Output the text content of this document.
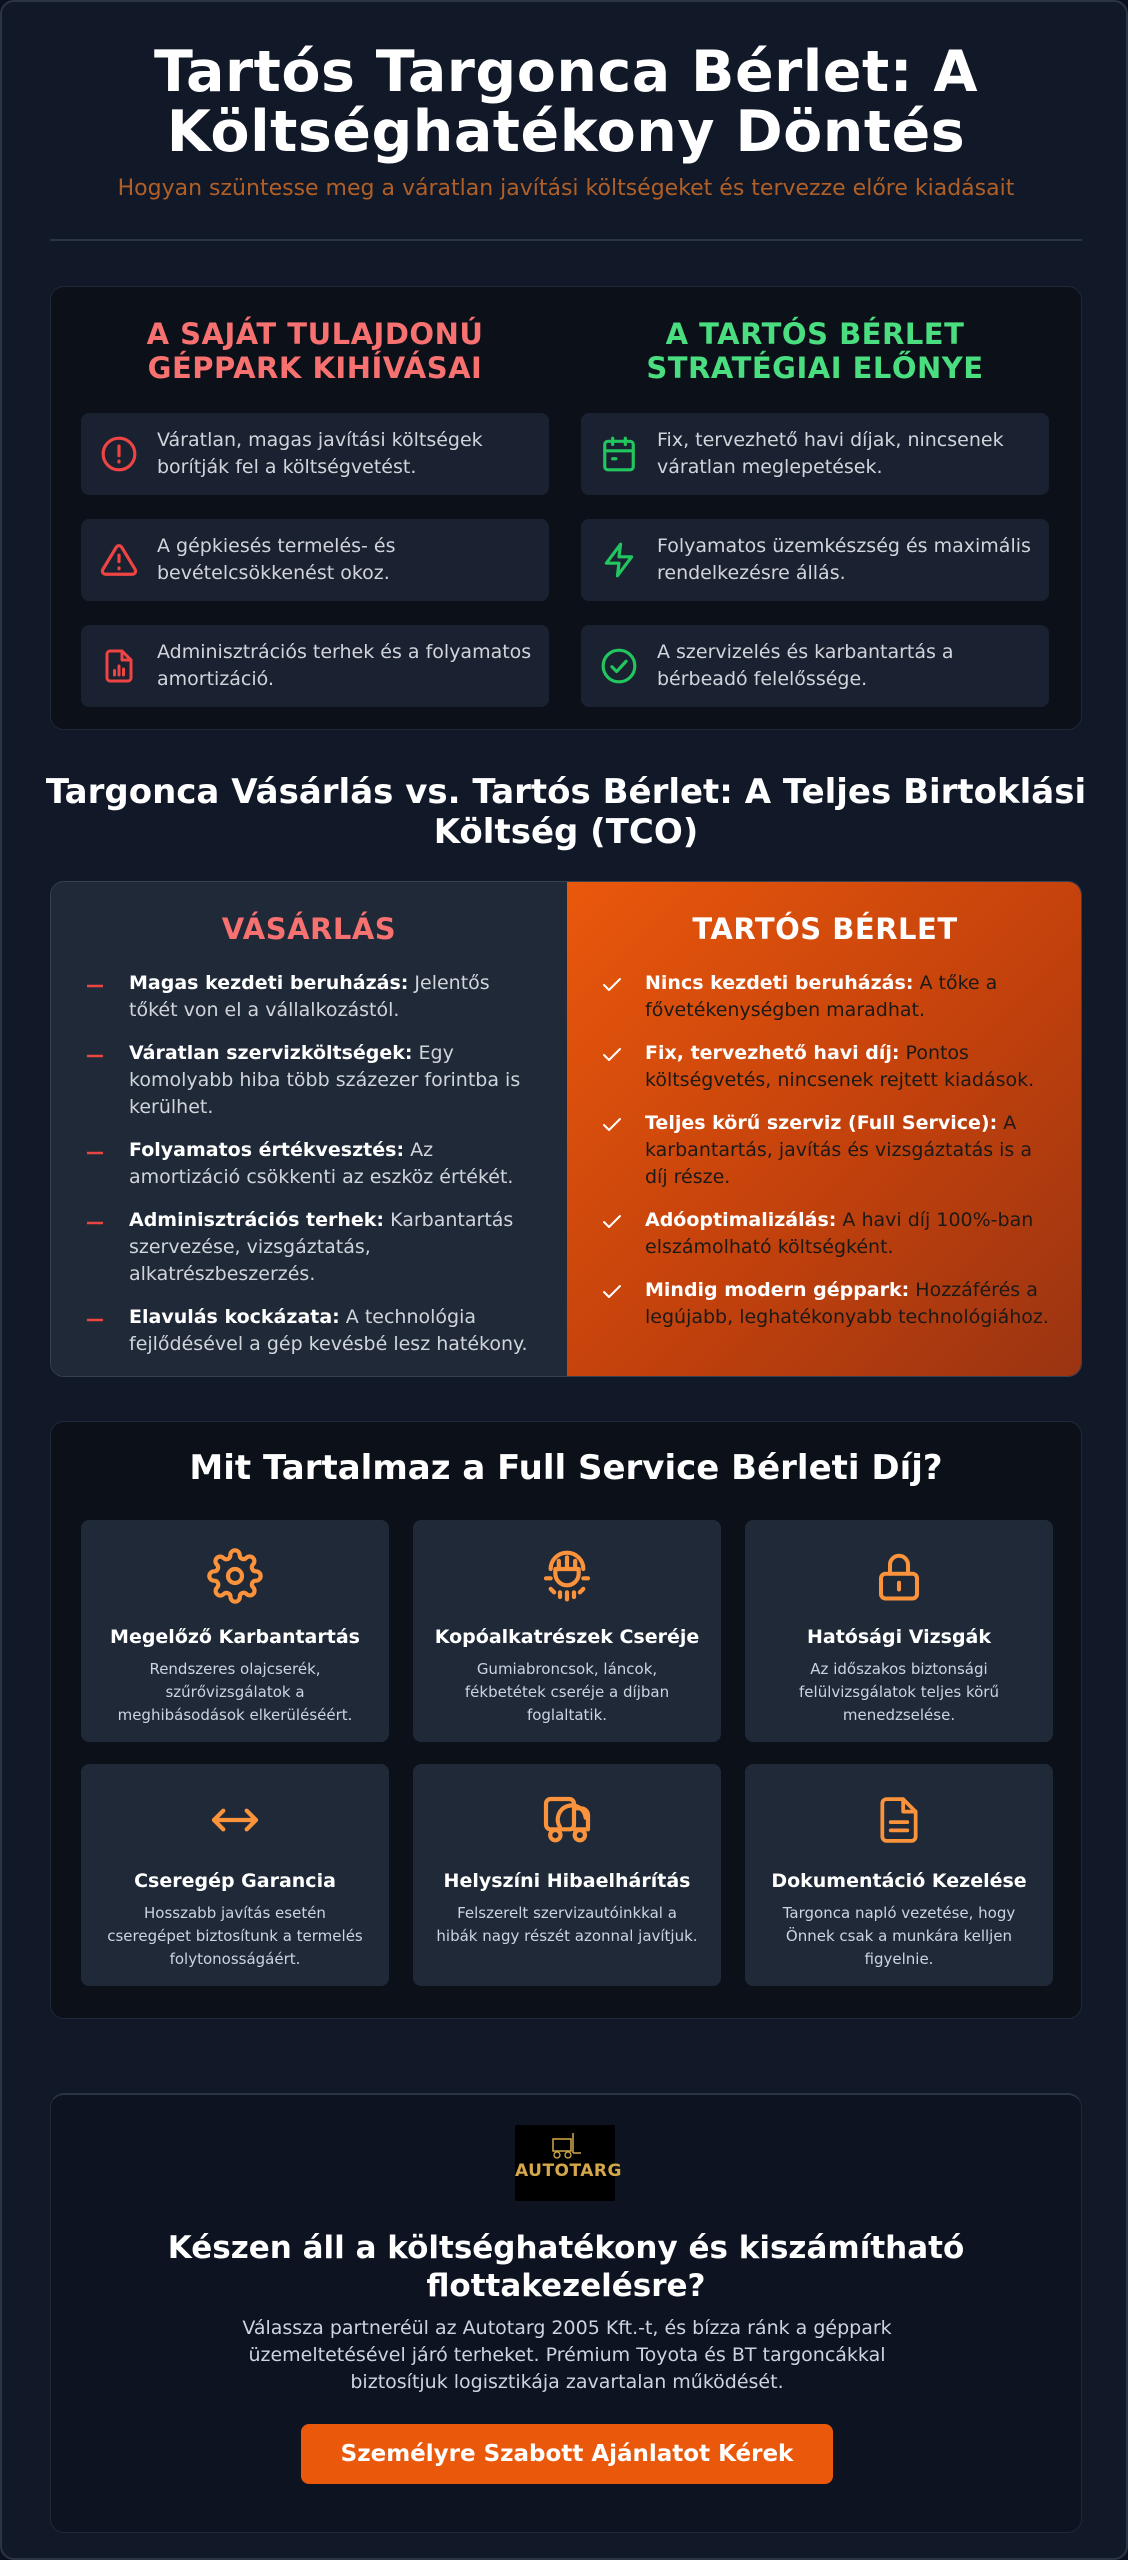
Tartós Targonca Bérlet: A Költséghatékony Döntés
Hogyan szüntesse meg a váratlan javítási költségeket és tervezze előre kiadásait
A SAJÁT TULAJDONÚ GÉPPARK KIHÍVÁSAI
Váratlan, magas javítási költségek borítják fel a költségvetést.
A gépkiesés termelés- és bevételcsökkenést okoz.
Adminisztrációs terhek és a folyamatos amortizáció.
A TARTÓS BÉRLET STRATÉGIAI ELŐNYE
Fix, tervezhető havi díjak, nincsenek váratlan meglepetések.
Folyamatos üzemkészség és maximális rendelkezésre állás.
A szervizelés és karbantartás a bérbeadó felelőssége.
Targonca Vásárlás vs. Tartós Bérlet: A Teljes Birtoklási Költség (TCO)
VÁSÁRLÁS
Magas kezdeti beruházás: Jelentős tőkét von el a vállalkozástól.
Váratlan szervizköltségek: Egy komolyabb hiba több százezer forintba is kerülhet.
Folyamatos értékvesztés: Az amortizáció csökkenti az eszköz értékét.
Adminisztrációs terhek: Karbantartás szervezése, vizsgáztatás, alkatrészbeszerzés.
Elavulás kockázata: A technológia fejlődésével a gép kevésbé lesz hatékony.
TARTÓS BÉRLET
Nincs kezdeti beruházás: A tőke a fővetékenységben maradhat.
Fix, tervezhető havi díj: Pontos költségvetés, nincsenek rejtett kiadások.
Teljes körű szerviz (Full Service): A karbantartás, javítás és vizsgáztatás is a díj része.
Adóoptimalizálás: A havi díj 100%-ban elszámolható költségként.
Mindig modern géppark: Hozzáférés a legújabb, leghatékonyabb technológiához.
Mit Tartalmaz a Full Service Bérleti Díj?
Megelőző Karbantartás
Rendszeres olajcserék, szűrővizsgálatok a meghibásodások elkerüléséért.
Kopóalkatrészek Cseréje
Gumiabroncsok, láncok, fékbetétek cseréje a díjban foglaltatik.
Hatósági Vizsgák
Az időszakos biztonsági felülvizsgálatok teljes körű menedzselése.
Cseregép Garancia
Hosszabb javítás esetén cseregépet biztosítunk a termelés folytonosságáért.
Helyszíni Hibaelhárítás
Felszerelt szervizautóinkkal a hibák nagy részét azonnal javítjuk.
Dokumentáció Kezelése
Targonca napló vezetése, hogy Önnek csak a munkára kelljen figyelnie.
AUTOTARG
Készen áll a költséghatékony és kiszámítható flottakezelésre?

Válassza partneréül az Autotarg 2005 Kft.-t, és bízza ránk a géppark üzemeltetésével járó terheket. Prémium Toyota és BT targoncákkal biztosítjuk logisztikája zavartalan működését.

Személyre Szabott Ajánlatot Kérek
